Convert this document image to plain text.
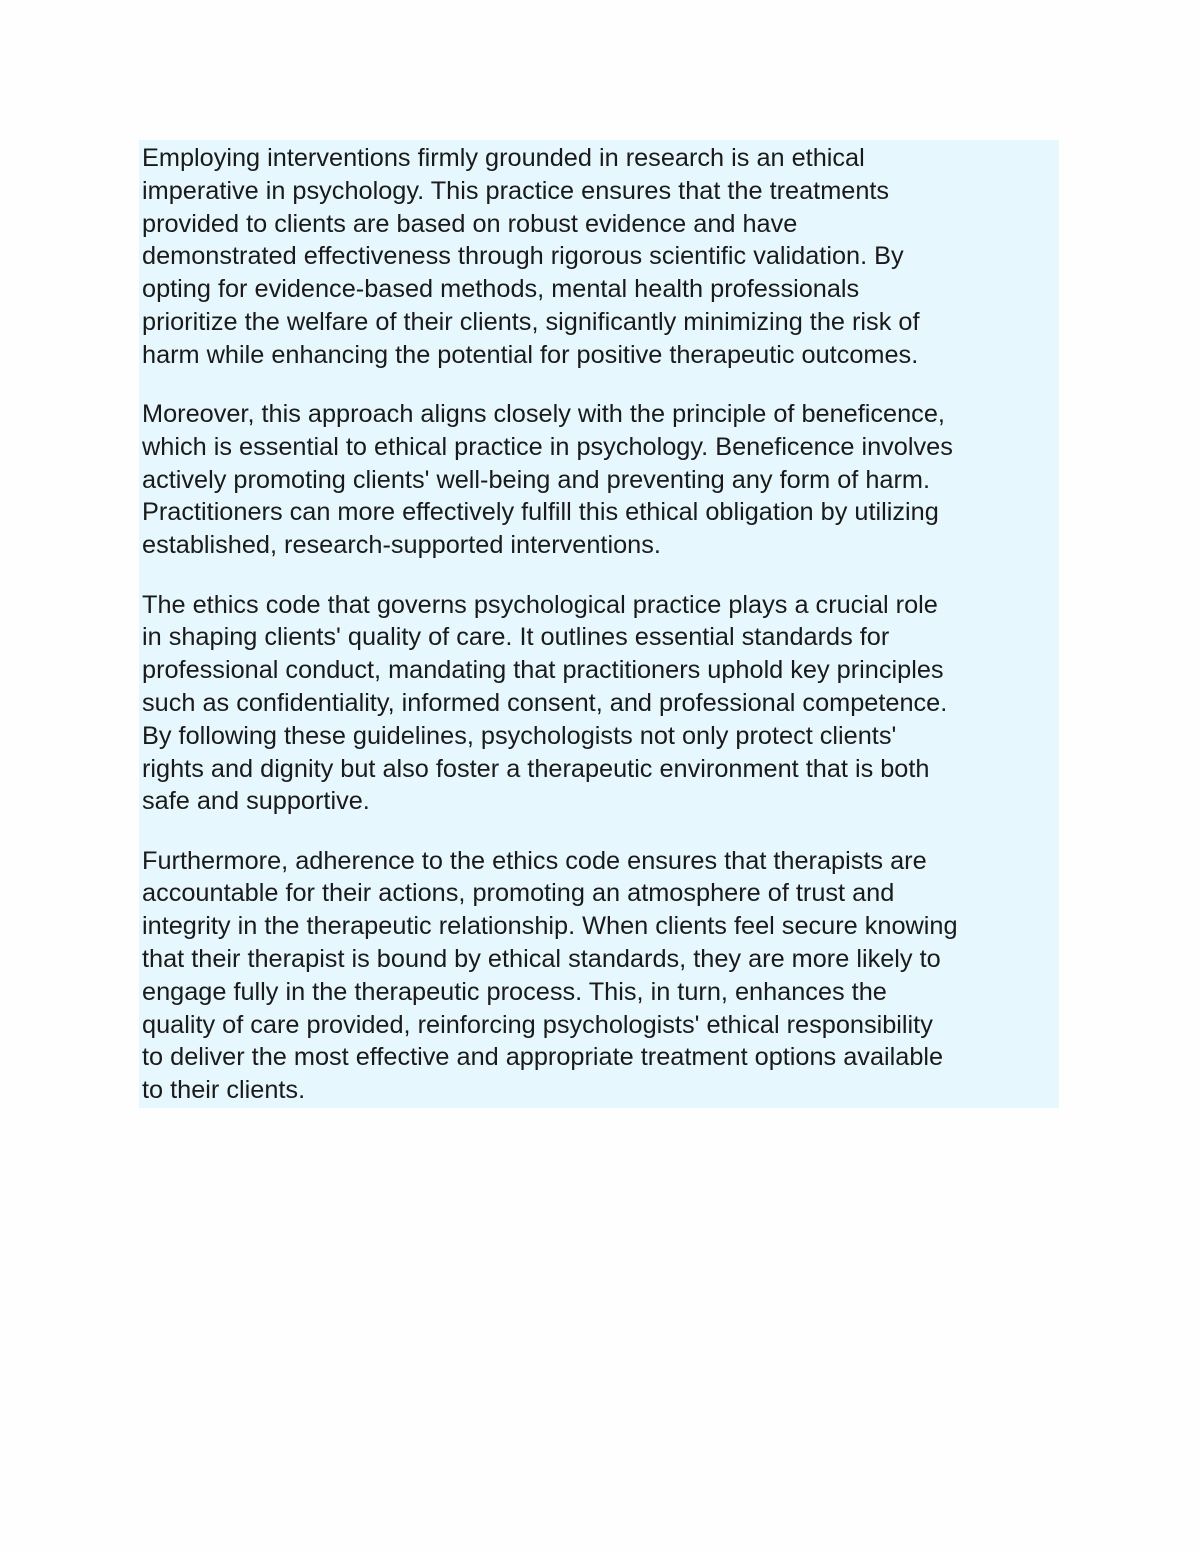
Employing interventions firmly grounded in research is an ethical
imperative in psychology. This practice ensures that the treatments
provided to clients are based on robust evidence and have
demonstrated effectiveness through rigorous scientific validation. By
opting for evidence-based methods, mental health professionals
prioritize the welfare of their clients, significantly minimizing the risk of
harm while enhancing the potential for positive therapeutic outcomes.

Moreover, this approach aligns closely with the principle of beneficence,
which is essential to ethical practice in psychology. Beneficence involves
actively promoting clients' well-being and preventing any form of harm.
Practitioners can more effectively fulfill this ethical obligation by utilizing
established, research-supported interventions.

The ethics code that governs psychological practice plays a crucial role
in shaping clients' quality of care. It outlines essential standards for
professional conduct, mandating that practitioners uphold key principles
such as confidentiality, informed consent, and professional competence.
By following these guidelines, psychologists not only protect clients'
rights and dignity but also foster a therapeutic environment that is both
safe and supportive.

Furthermore, adherence to the ethics code ensures that therapists are
accountable for their actions, promoting an atmosphere of trust and
integrity in the therapeutic relationship. When clients feel secure knowing
that their therapist is bound by ethical standards, they are more likely to
engage fully in the therapeutic process. This, in turn, enhances the
quality of care provided, reinforcing psychologists' ethical responsibility
to deliver the most effective and appropriate treatment options available
to their clients.
